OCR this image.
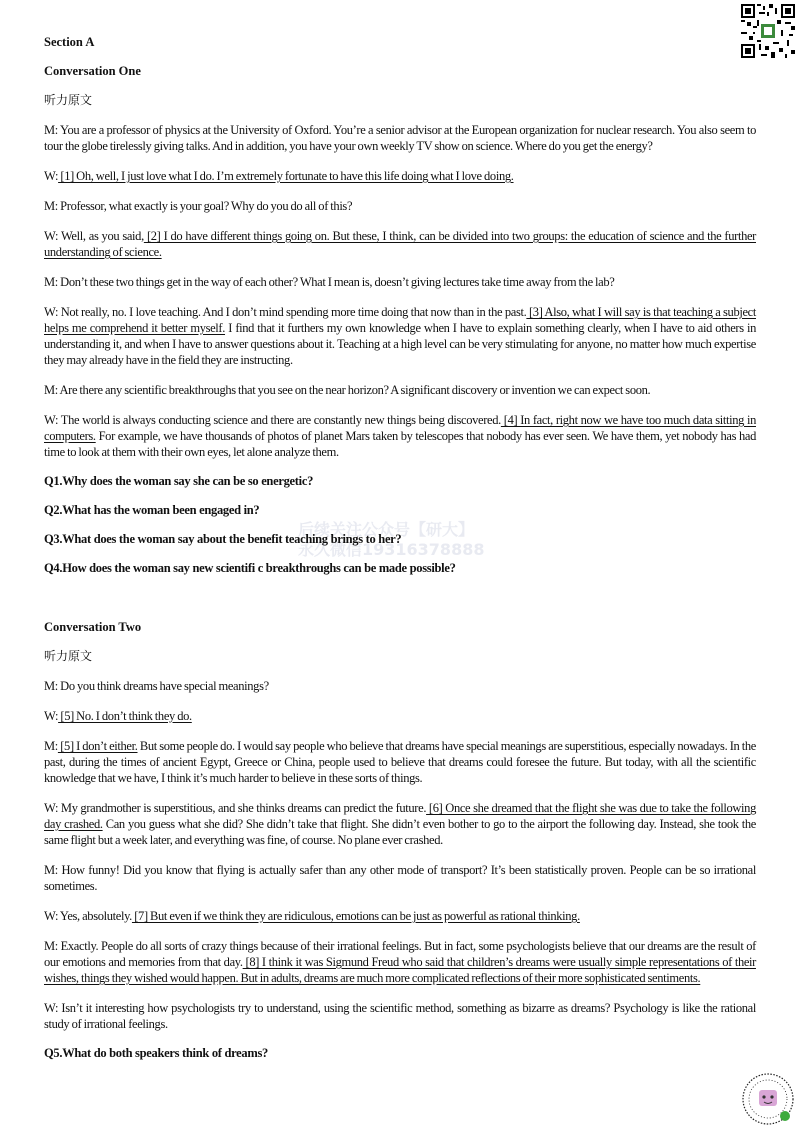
后续关注公众号【研大】
永久微信19316378888
Section A
Conversation One
听力原文
M: You are a professor of physics at the University of Oxford. You’re a senior advisor at the European organization for nuclear research. You also seem to tour the globe tirelessly giving talks. And in addition, you have your own weekly TV show on science. Where do you get the energy?
W: [1] Oh, well, I just love what I do. I’m extremely fortunate to have this life doing what I love doing.
M: Professor, what exactly is your goal? Why do you do all of this?
W: Well, as you said, [2] I do have different things going on. But these, I think, can be divided into two groups: the education of science and the further understanding of science.
M: Don’t these two things get in the way of each other? What I mean is, doesn’t giving lectures take time away from the lab?
W: Not really, no. I love teaching. And I don’t mind spending more time doing that now than in the past. [3] Also, what I will say is that teaching a subject helps me comprehend it better myself. I find that it furthers my own knowledge when I have to explain something clearly, when I have to aid others in understanding it, and when I have to answer questions about it. Teaching at a high level can be very stimulating for anyone, no matter how much expertise they may already have in the field they are instructing.
M: Are there any scientific breakthroughs that you see on the near horizon? A significant discovery or invention we can expect soon.
W: The world is always conducting science and there are constantly new things being discovered. [4] In fact, right now we have too much data sitting in computers. For example, we have thousands of photos of planet Mars taken by telescopes that nobody has ever seen. We have them, yet nobody has had time to look at them with their own eyes, let alone analyze them.
Q1.Why does the woman say she can be so energetic?
Q2.What has the woman been engaged in?
Q3.What does the woman say about the benefit teaching brings to her?
Q4.How does the woman say new scientifi c breakthroughs can be made possible?
Conversation Two
听力原文
M: Do you think dreams have special meanings?
W: [5] No. I don’t think they do.
M: [5] I don’t either. But some people do. I would say people who believe that dreams have special meanings are superstitious, especially nowadays. In the past, during the times of ancient Egypt, Greece or China, people used to believe that dreams could foresee the future. But today, with all the scientific knowledge that we have, I think it’s much harder to believe in these sorts of things.
W: My grandmother is superstitious, and she thinks dreams can predict the future. [6] Once she dreamed that the flight she was due to take the following day crashed. Can you guess what she did? She didn’t take that flight. She didn’t even bother to go to the airport the following day. Instead, she took the same flight but a week later, and everything was fine, of course. No plane ever crashed.
M: How funny! Did you know that flying is actually safer than any other mode of transport? It’s been statistically proven. People can be so irrational sometimes.
W: Yes, absolutely. [7] But even if we think they are ridiculous, emotions can be just as powerful as rational thinking.
M: Exactly. People do all sorts of crazy things because of their irrational feelings. But in fact, some psychologists believe that our dreams are the result of our emotions and memories from that day. [8] I think it was Sigmund Freud who said that children’s dreams were usually simple representations of their wishes, things they wished would happen. But in adults, dreams are much more complicated reflections of their more sophisticated sentiments.
W: Isn’t it interesting how psychologists try to understand, using the scientific method, something as bizarre as dreams? Psychology is like the rational study of irrational feelings.
Q5.What do both speakers think of dreams?
